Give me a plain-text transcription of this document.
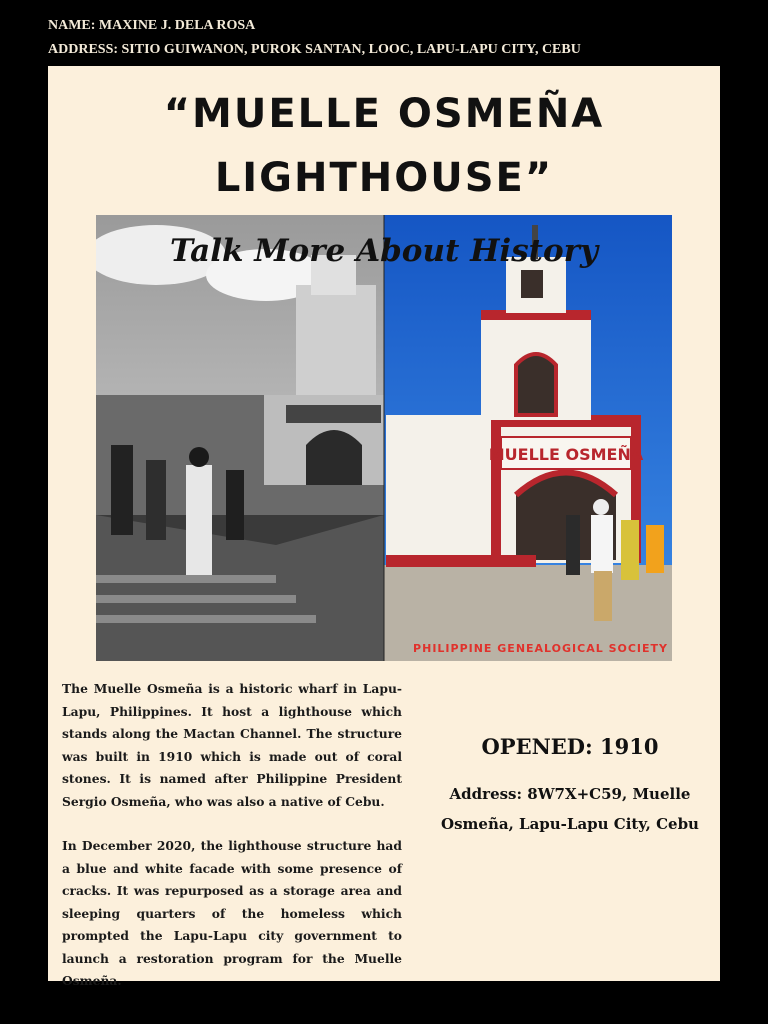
NAME: MAXINE J. DELA ROSA
ADDRESS: SITIO GUIWANON, PUROK SANTAN, LOOC, LAPU-LAPU CITY, CEBU
“MUELLE OSMEÑA
LIGHTHOUSE”
MUELLE OSMEÑA
Talk More About History
PHILIPPINE GENEALOGICAL SOCIETY

The Muelle Osmeña is a historic wharf in Lapu-Lapu, Philippines. It host a lighthouse which stands along the Mactan Channel. The structure was built in 1910 which is made out of coral stones. It is named after Philippine President Sergio Osmeña, who was also a native of Cebu.

In December 2020, the lighthouse structure had a blue and white facade with some presence of cracks. It was repurposed as a storage area and sleeping quarters of the homeless which prompted the Lapu-Lapu city government to launch a restoration program for the Muelle Osmeña.

OPENED: 1910
Address: 8W7X+C59, Muelle Osmeña, Lapu-Lapu City, Cebu
